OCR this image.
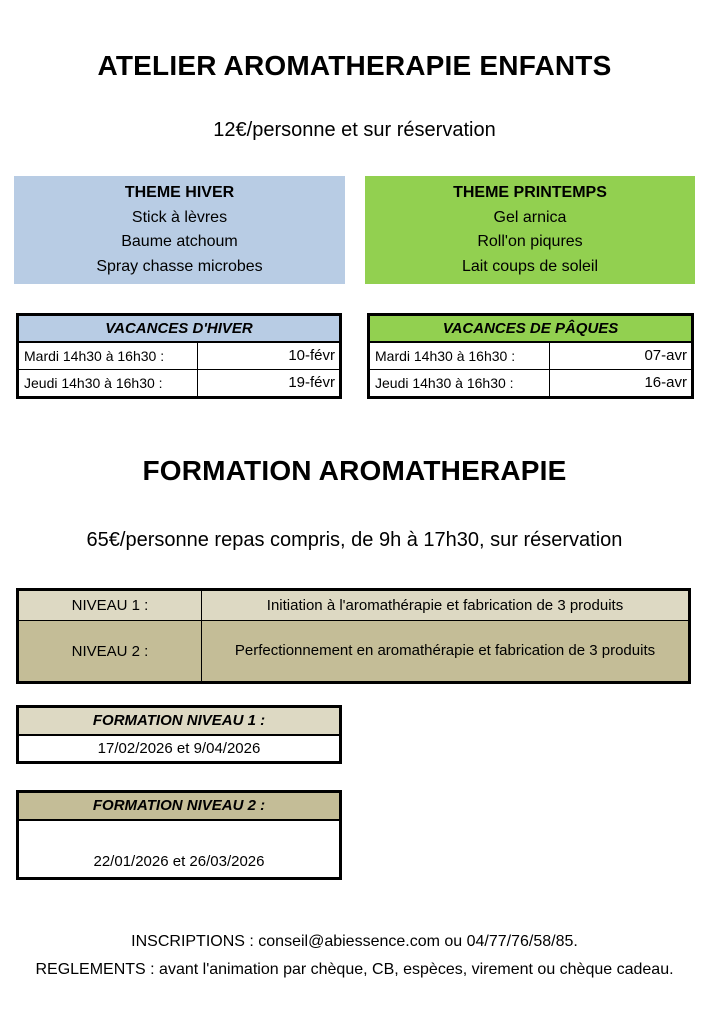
ATELIER AROMATHERAPIE ENFANTS

12€/personne et sur réservation

THEME HIVER
Stick à lèvres
Baume atchoum
Spray chasse microbes
THEME PRINTEMPS
Gel arnica
Roll'on piqures
Lait coups de soleil
VACANCES D'HIVER
Mardi 14h30 à 16h30 :	10-févr
Jeudi 14h30 à 16h30 :	19-févr
VACANCES DE PÂQUES
Mardi 14h30 à 16h30 :	07-avr
Jeudi 14h30 à 16h30 :	16-avr
FORMATION AROMATHERAPIE

65€/personne repas compris, de 9h à 17h30, sur réservation

NIVEAU 1 :	Initiation à l'aromathérapie et fabrication de 3 produits
NIVEAU 2 :	Perfectionnement en aromathérapie et fabrication de 3 produits
FORMATION NIVEAU 1 :
17/02/2026 et 9/04/2026
FORMATION NIVEAU 2 :
22/01/2026 et 26/03/2026

INSCRIPTIONS : conseil@abiessence.com ou 04/77/76/58/85.

REGLEMENTS : avant l'animation par chèque, CB, espèces, virement ou chèque cadeau.
